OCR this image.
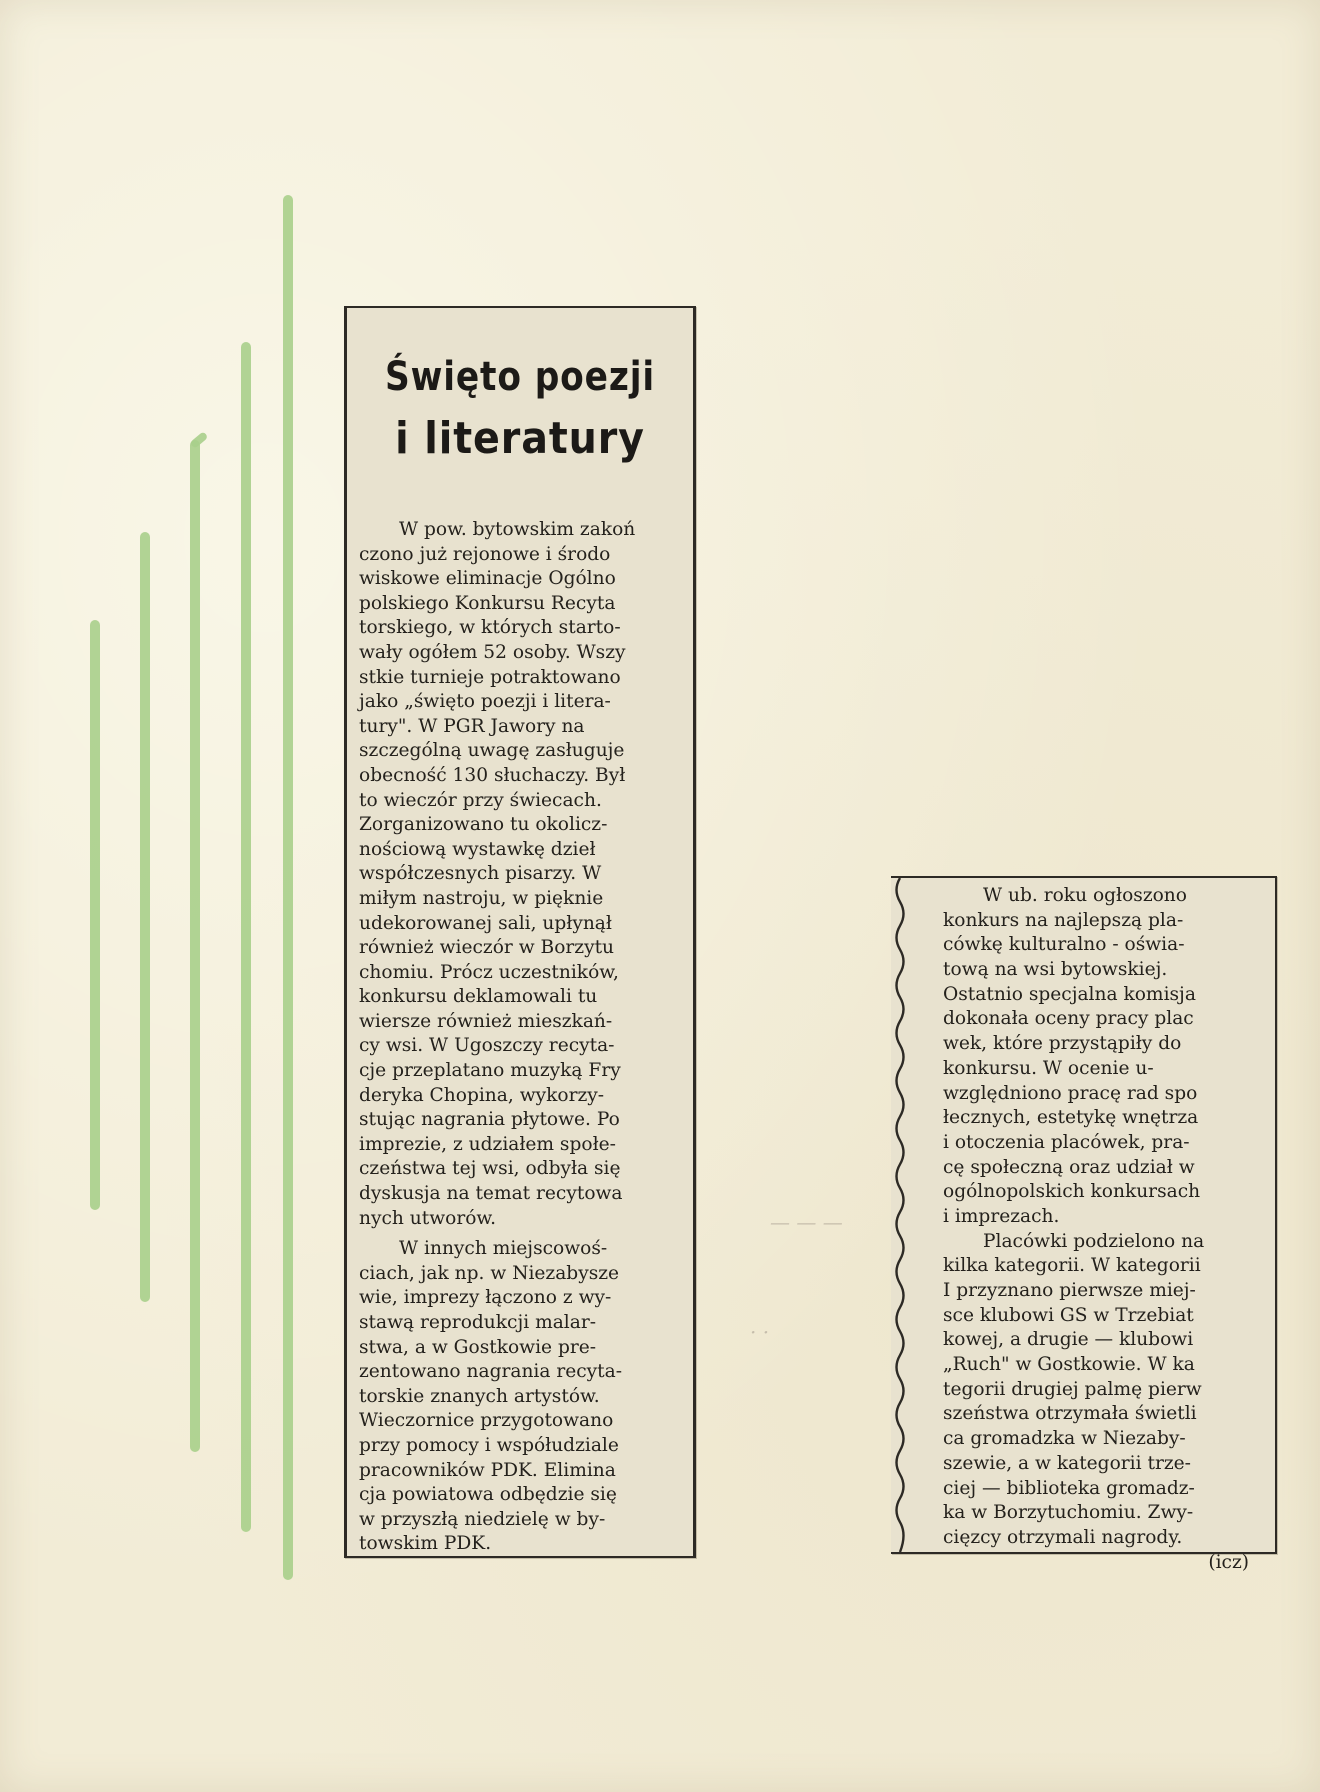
— — —
· ·
Święto poezji
i literatury
W pow. bytowskim zakoń
czono już rejonowe i środo
wiskowe eliminacje Ogólno
polskiego Konkursu Recyta
torskiego, w których starto-
wały ogółem 52 osoby. Wszy
stkie turnieje potraktowano
jako „święto poezji i litera-
tury". W PGR Jawory na
szczególną uwagę zasługuje
obecność 130 słuchaczy. Był
to wieczór przy świecach.
Zorganizowano tu okolicz-
nościową wystawkę dzieł
współczesnych pisarzy. W
miłym nastroju, w pięknie
udekorowanej sali, upłynął
również wieczór w Borzytu
chomiu. Prócz uczestników,
konkursu deklamowali tu
wiersze również mieszkań-
cy wsi. W Ugoszczy recyta-
cje przeplatano muzyką Fry
deryka Chopina, wykorzy-
stując nagrania płytowe. Po
imprezie, z udziałem społe-
czeństwa tej wsi, odbyła się
dyskusja na temat recytowa
nych utworów.
W innych miejscowoś-
ciach, jak np. w Niezabysze
wie, imprezy łączono z wy-
stawą reprodukcji malar-
stwa, a w Gostkowie pre-
zentowano nagrania recyta-
torskie znanych artystów.
Wieczornice przygotowano
przy pomocy i współudziale
pracowników PDK. Elimina
cja powiatowa odbędzie się
w przyszłą niedzielę w by-
towskim PDK.
W ub. roku ogłoszono
konkurs na najlepszą pla-
cówkę kulturalno - oświa-
tową na wsi bytowskiej.
Ostatnio specjalna komisja
dokonała oceny pracy plac
wek, które przystąpiły do
konkursu. W ocenie u-
względniono pracę rad spo
łecznych, estetykę wnętrza
i otoczenia placówek, pra-
cę społeczną oraz udział w
ogólnopolskich konkursach
i imprezach.
Placówki podzielono na
kilka kategorii. W kategorii
I przyznano pierwsze miej-
sce klubowi GS w Trzebiat
kowej, a drugie — klubowi
„Ruch" w Gostkowie. W ka
tegorii drugiej palmę pierw
szeństwa otrzymała świetli
ca gromadzka w Niezaby-
szewie, a w kategorii trze-
ciej — biblioteka gromadz-
ka w Borzytuchomiu. Zwy-
cięzcy otrzymali nagrody.
(icz)
